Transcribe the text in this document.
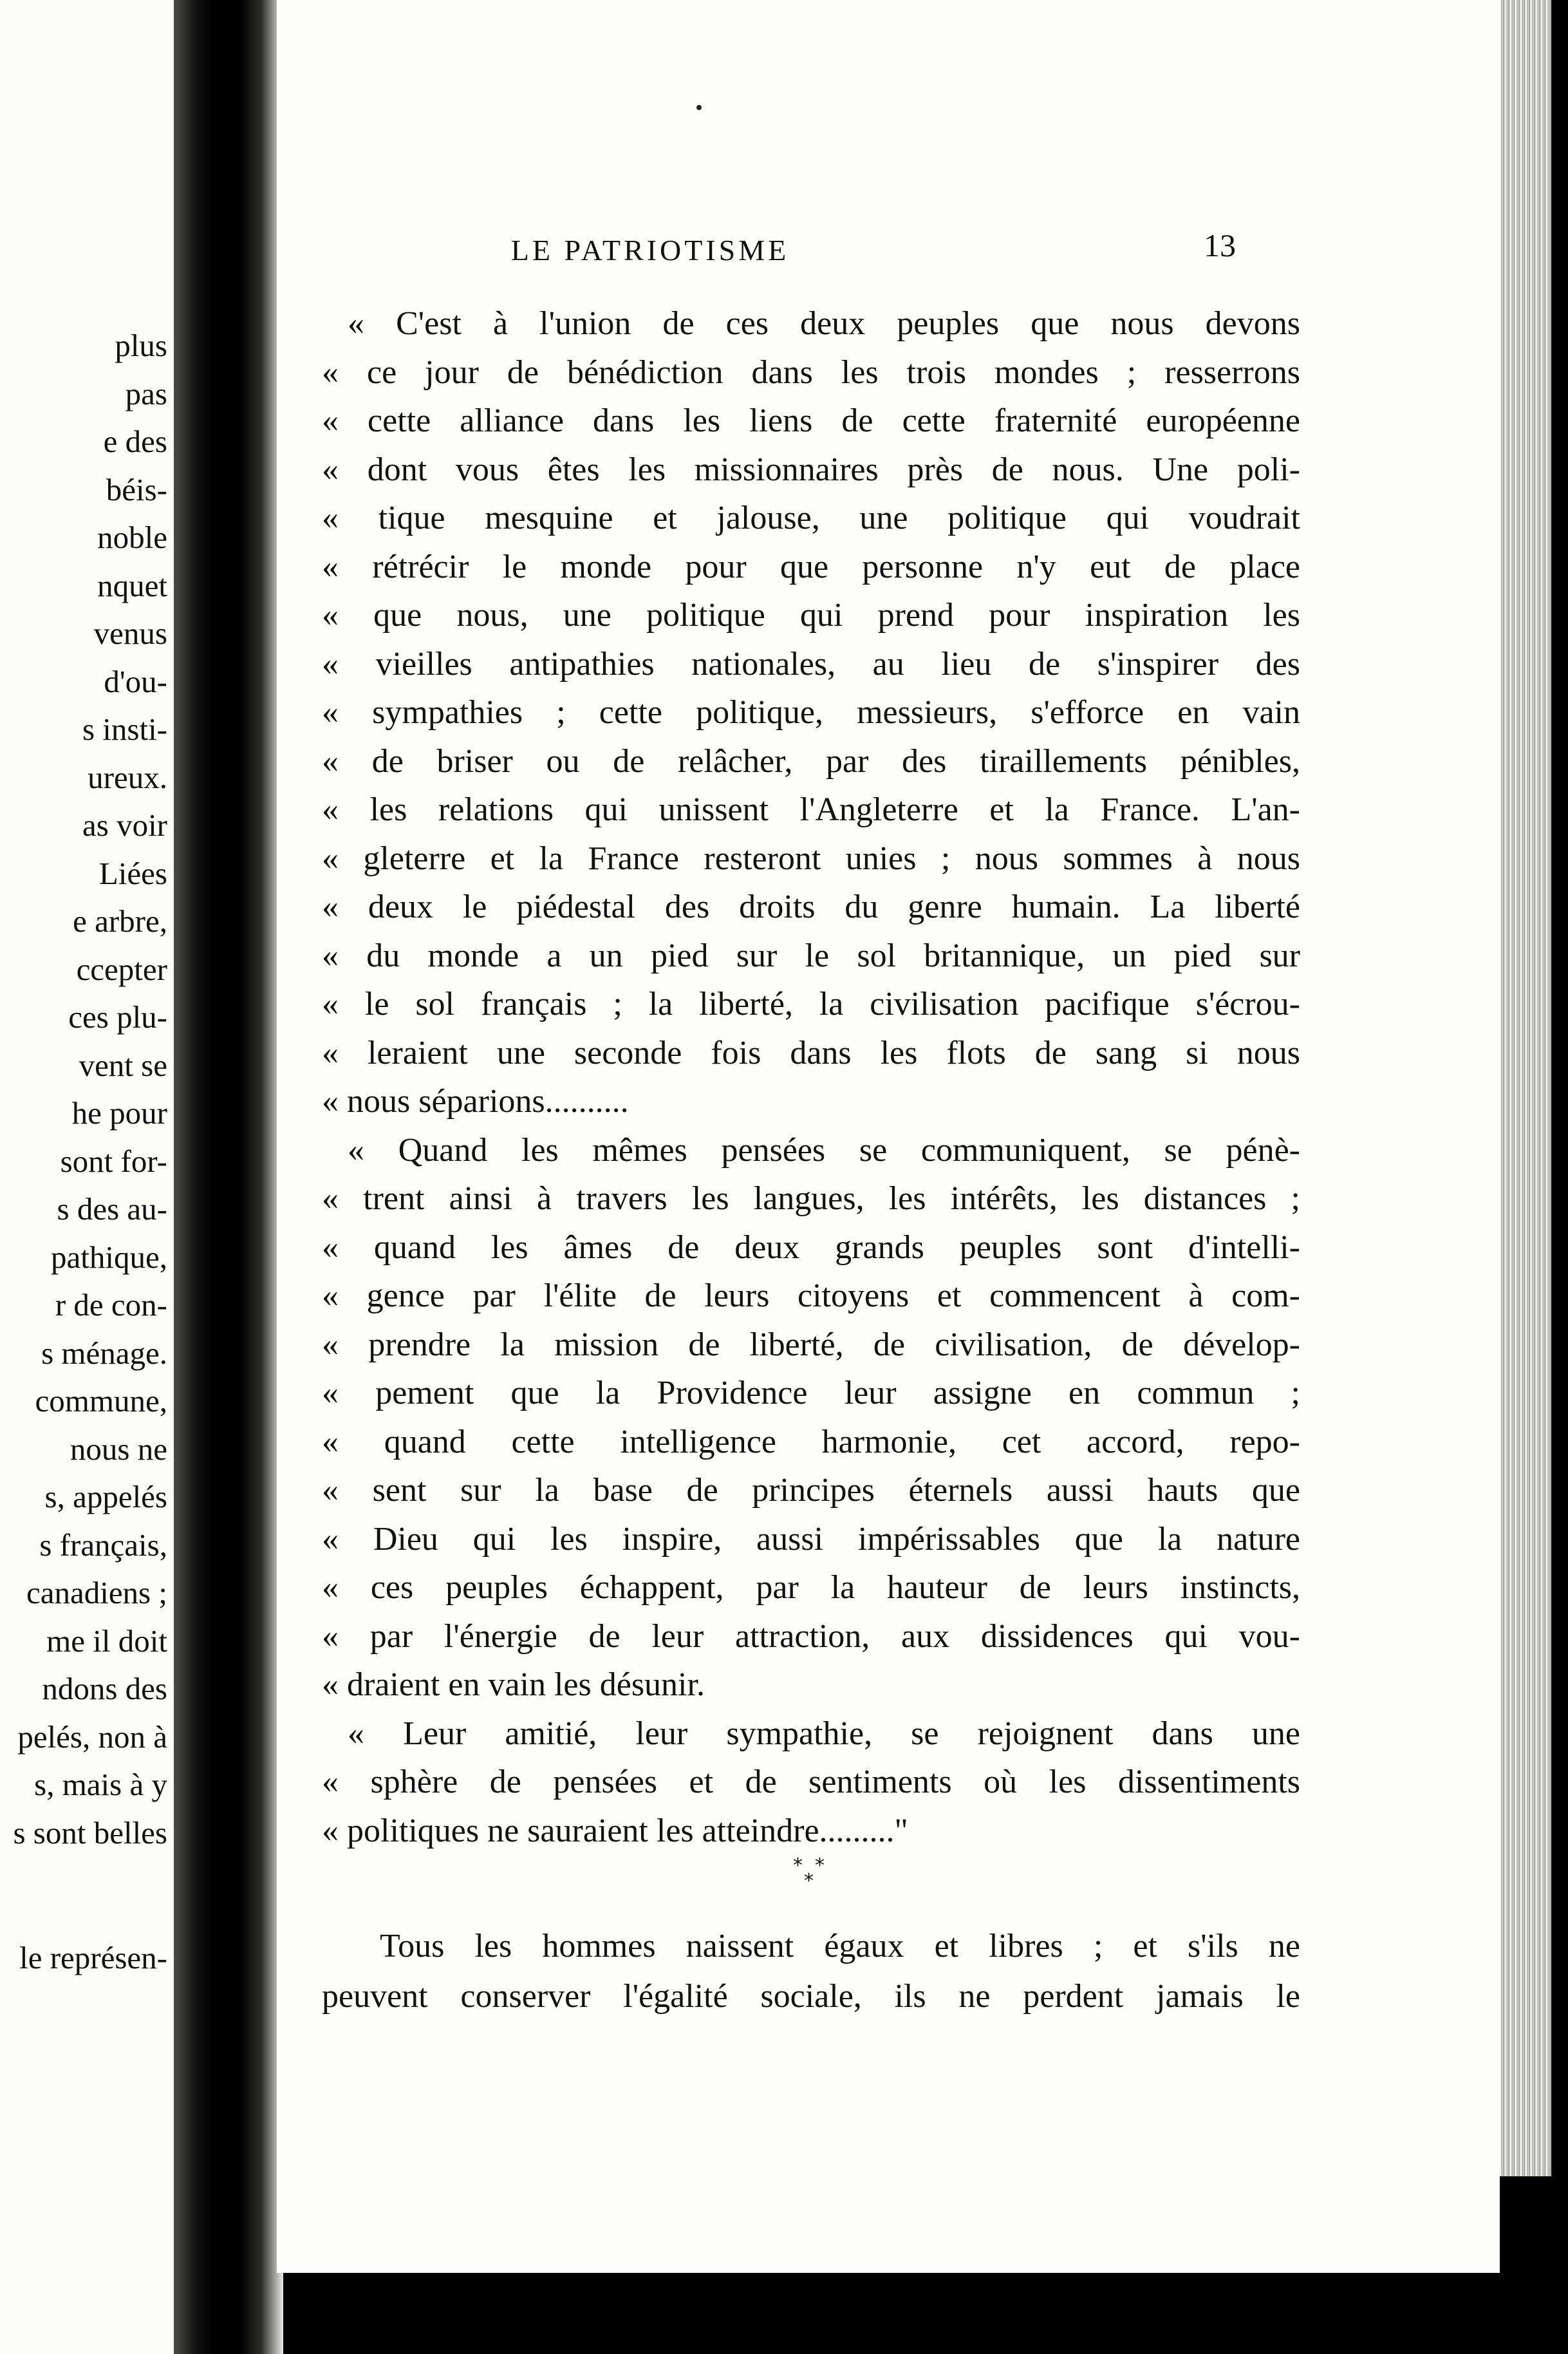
plus
pas
e des
béis-
noble
nquet
venus
d'ou-
s insti-
ureux.
as voir
Liées
e arbre,
ccepter
ces plu-
vent se
he pour
sont for-
s des au-
pathique,
r de con-
s ménage.
commune,
nous ne
s, appelés
s français,
canadiens ;
me il doit
ndons des
pelés, non à
s, mais à y
s sont belles
le représen-
LE PATRIOTISME	13
« C'est à l'union de ces deux peuples que nous devons
« ce jour de bénédiction dans les trois mondes ; resserrons
« cette alliance dans les liens de cette fraternité européenne
« dont vous êtes les missionnaires près de nous. Une poli-
« tique mesquine et jalouse, une politique qui voudrait
« rétrécir le monde pour que personne n'y eut de place
« que nous, une politique qui prend pour inspiration les
« vieilles antipathies nationales, au lieu de s'inspirer des
« sympathies ; cette politique, messieurs, s'efforce en vain
« de briser ou de relâcher, par des tiraillements pénibles,
« les relations qui unissent l'Angleterre et la France. L'an-
« gleterre et la France resteront unies ; nous sommes à nous
« deux le piédestal des droits du genre humain. La liberté
« du monde a un pied sur le sol britannique, un pied sur
« le sol français ; la liberté, la civilisation pacifique s'écrou-
« leraient une seconde fois dans les flots de sang si nous
« nous séparions..........
« Quand les mêmes pensées se communiquent, se pénè-
« trent ainsi à travers les langues, les intérêts, les distances ;
« quand les âmes de deux grands peuples sont d'intelli-
« gence par l'élite de leurs citoyens et commencent à com-
« prendre la mission de liberté, de civilisation, de dévelop-
« pement que la Providence leur assigne en commun ;
« quand cette intelligence harmonie, cet accord, repo-
« sent sur la base de principes éternels aussi hauts que
« Dieu qui les inspire, aussi impérissables que la nature
« ces peuples échappent, par la hauteur de leurs instincts,
« par l'énergie de leur attraction, aux dissidences qui vou-
« draient en vain les désunir.
« Leur amitié, leur sympathie, se rejoignent dans une
« sphère de pensées et de sentiments où les dissentiments
« politiques ne sauraient les atteindre........."
* *
*
Tous les hommes naissent égaux et libres ; et s'ils ne
peuvent conserver l'égalité sociale, ils ne perdent jamais le
